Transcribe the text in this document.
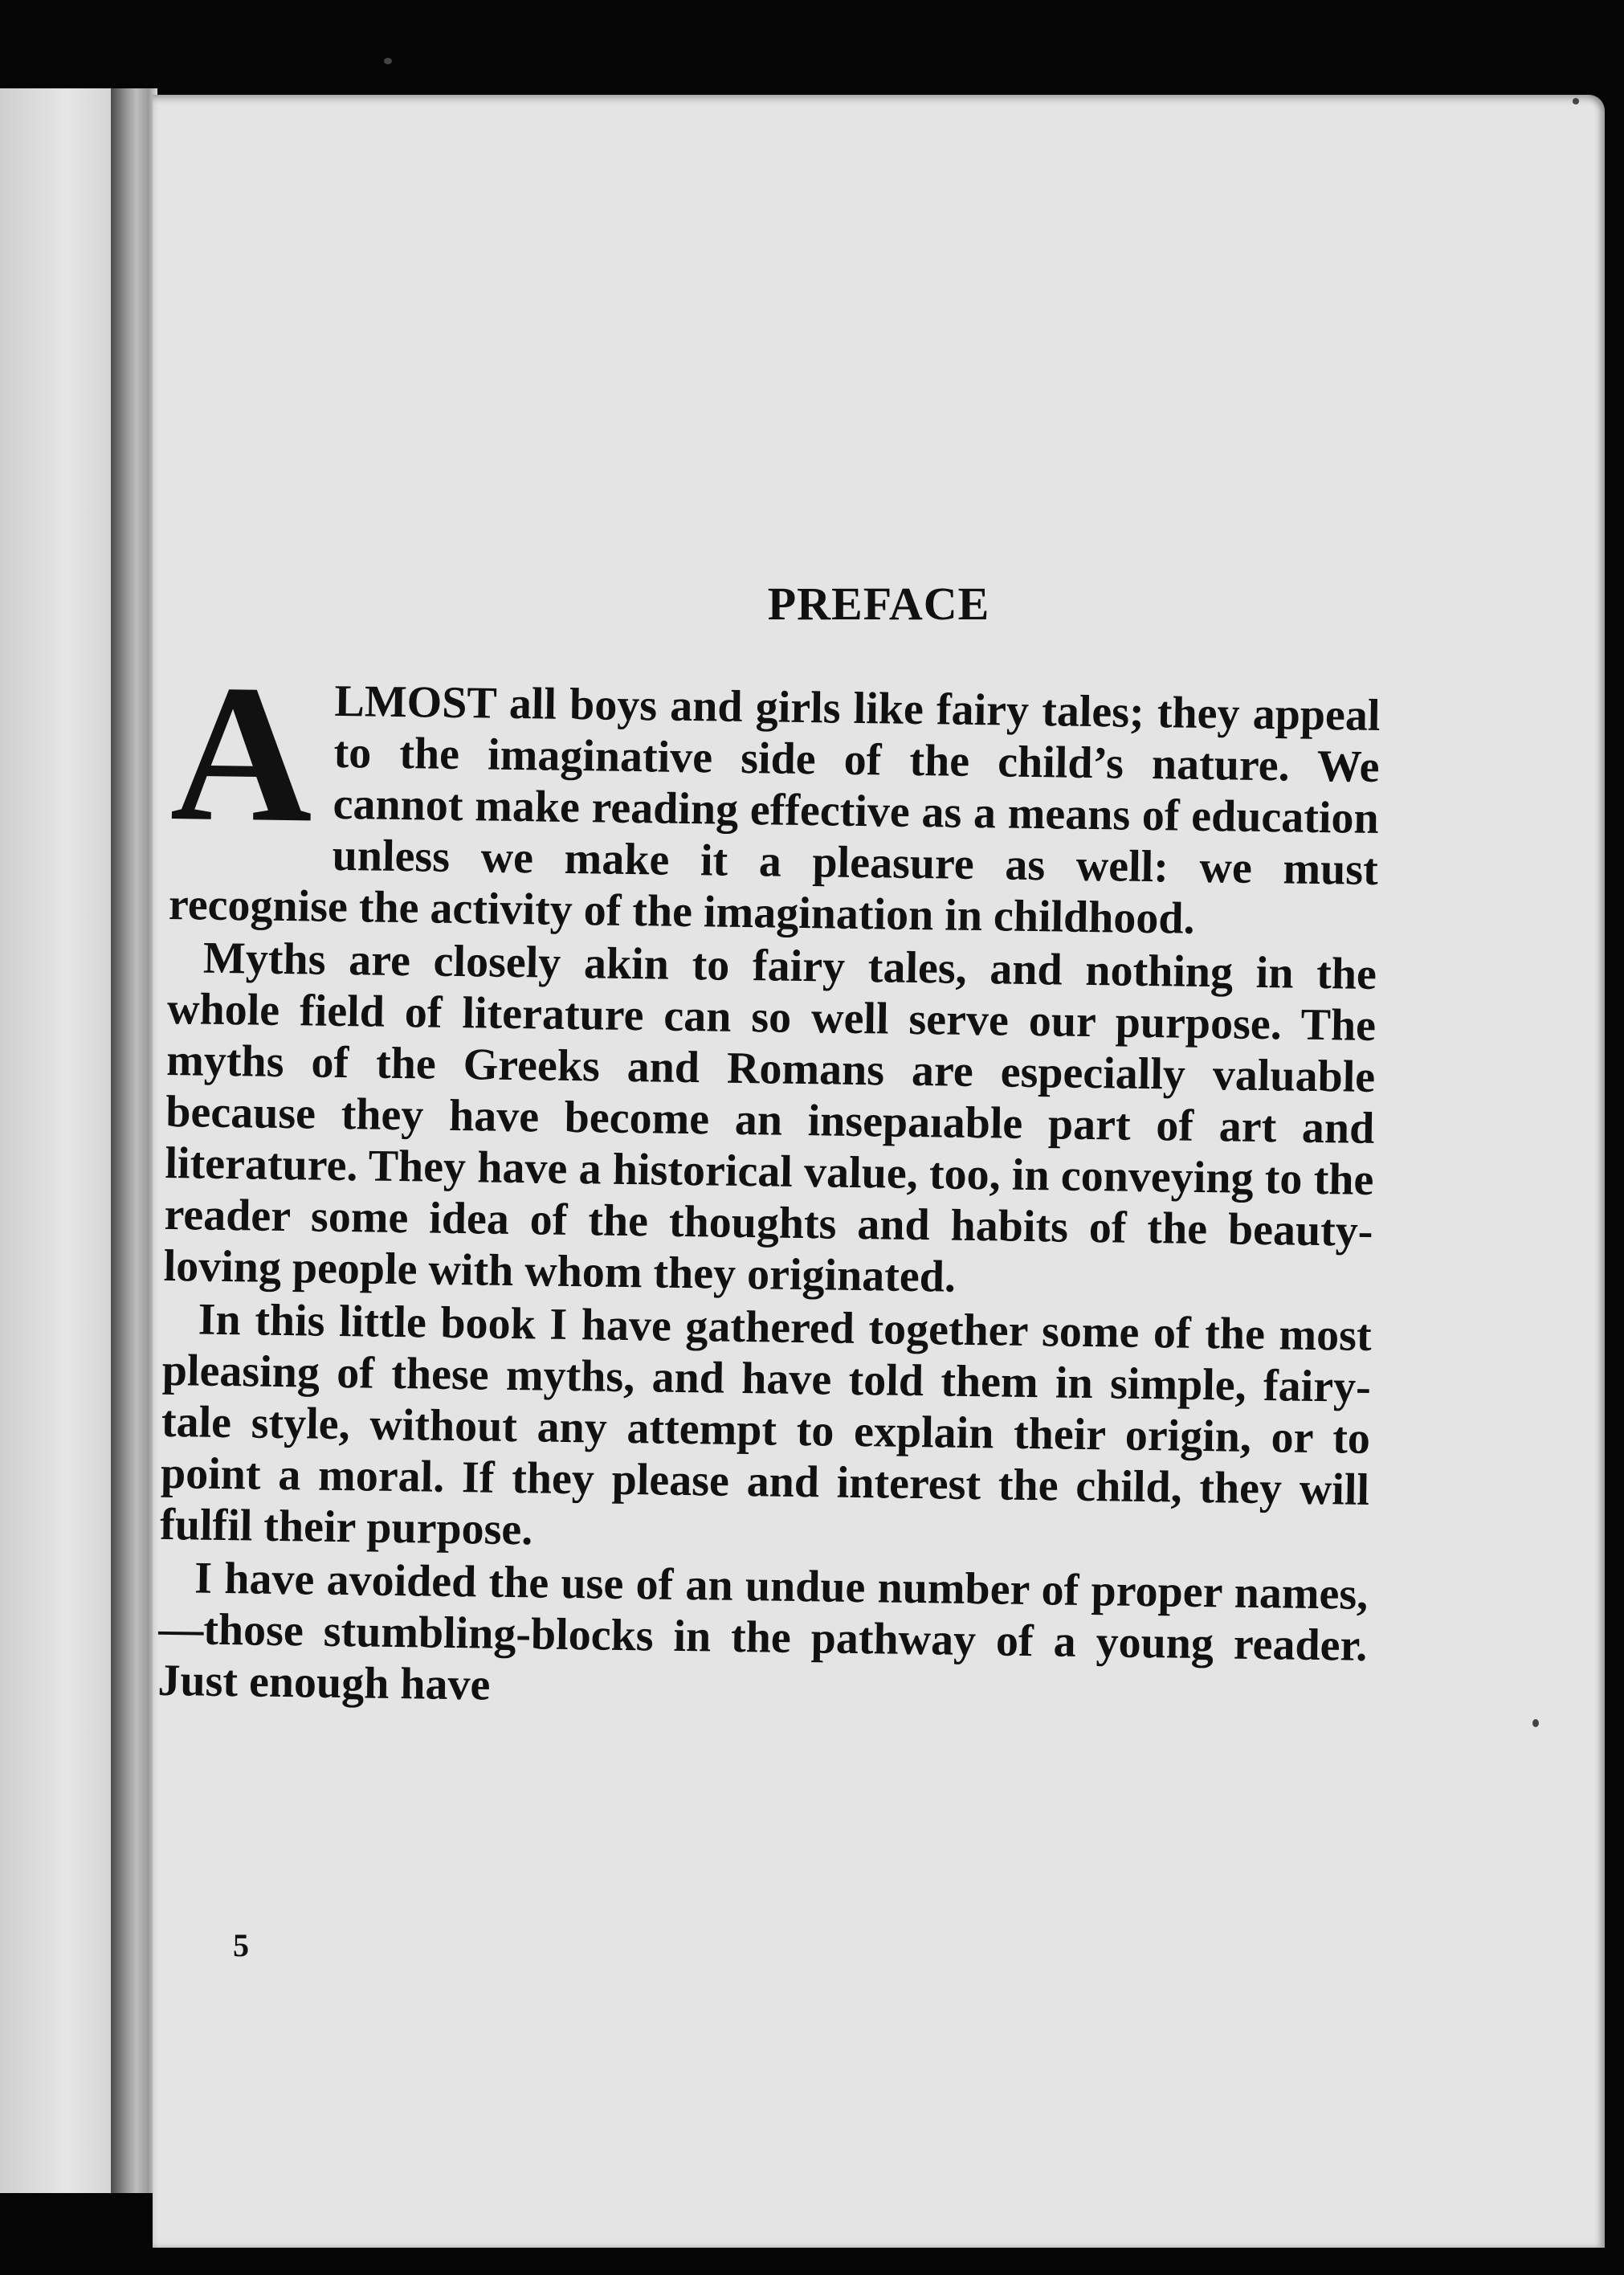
PREFACE

ALMOST all boys and girls like fairy tales; they appeal to the imaginative side of the child’s nature. We cannot make reading effective as a means of education unless we make it a pleasure as well: we must recognise the activity of the imagination in childhood.

Myths are closely akin to fairy tales, and nothing in the whole field of literature can so well serve our purpose. The myths of the Greeks and Romans are especially valuable because they have become an insepaıable part of art and literature. They have a historical value, too, in conveying to the reader some idea of the thoughts and habits of the beauty-loving people with whom they originated.

In this little book I have gathered together some of the most pleasing of these myths, and have told them in simple, fairy-tale style, without any attempt to explain their origin, or to point a moral. If they please and interest the child, they will fulfil their purpose.

I have avoided the use of an undue number of proper names,—those stumbling-blocks in the pathway of a young reader. Just enough have

5
